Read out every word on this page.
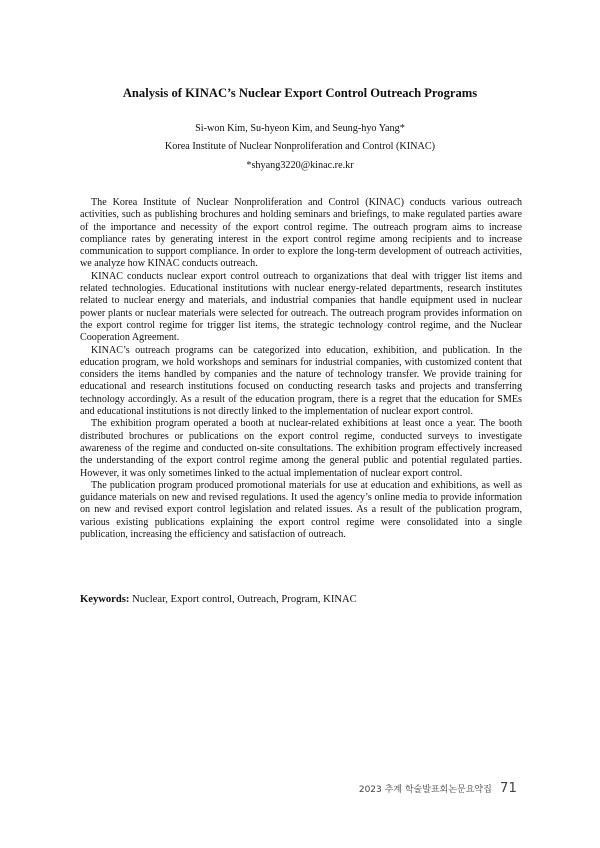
Analysis of KINAC’s Nuclear Export Control Outreach Programs
Si-won Kim, Su-hyeon Kim, and Seung-hyo Yang*
Korea Institute of Nuclear Nonproliferation and Control (KINAC)
*shyang3220@kinac.re.kr

The Korea Institute of Nuclear Nonproliferation and Control (KINAC) conducts various outreach activities, such as publishing brochures and holding seminars and briefings, to make regulated parties aware of the importance and necessity of the export control regime. The outreach program aims to increase compliance rates by generating interest in the export control regime among recipients and to increase communication to support compliance. In order to explore the long-term development of outreach activities, we analyze how KINAC conducts outreach.

KINAC conducts nuclear export control outreach to organizations that deal with trigger list items and related technologies. Educational institutions with nuclear energy-related departments, research institutes related to nuclear energy and materials, and industrial companies that handle equipment used in nuclear power plants or nuclear materials were selected for outreach. The outreach program provides information on the export control regime for trigger list items, the strategic technology control regime, and the Nuclear Cooperation Agreement.

KINAC’s outreach programs can be categorized into education, exhibition, and publication. In the education program, we hold workshops and seminars for industrial companies, with customized content that considers the items handled by companies and the nature of technology transfer. We provide training for educational and research institutions focused on conducting research tasks and projects and transferring technology accordingly. As a result of the education program, there is a regret that the education for SMEs and educational institutions is not directly linked to the implementation of nuclear export control.

The exhibition program operated a booth at nuclear-related exhibitions at least once a year. The booth distributed brochures or publications on the export control regime, conducted surveys to investigate awareness of the regime and conducted on-site consultations. The exhibition program effectively increased the understanding of the export control regime among the general public and potential regulated parties. However, it was only sometimes linked to the actual implementation of nuclear export control.

The publication program produced promotional materials for use at education and exhibitions, as well as guidance materials on new and revised regulations. It used the agency’s online media to provide information on new and revised export control legislation and related issues. As a result of the publication program, various existing publications explaining the export control regime were consolidated into a single publication, increasing the efficiency and satisfaction of outreach.

Keywords: Nuclear, Export control, Outreach, Program, KINAC
2023 추계 학술발표회논문요약집 71
